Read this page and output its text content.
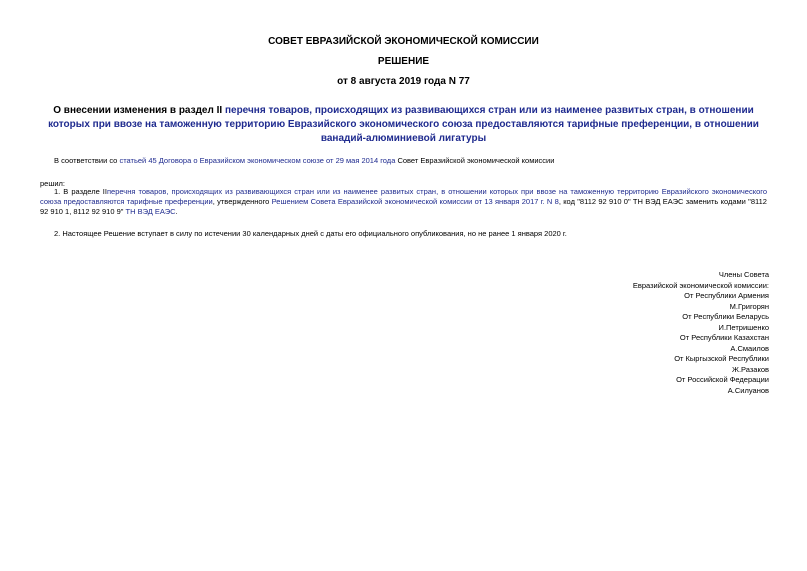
СОВЕТ ЕВРАЗИЙСКОЙ ЭКОНОМИЧЕСКОЙ КОМИССИИ
РЕШЕНИЕ
от 8 августа 2019 года N 77
О внесении изменения в раздел II перечня товаров, происходящих из развивающихся стран или из наименее развитых стран, в отношении которых при ввозе на таможенную территорию Евразийского экономического союза предоставляются тарифные преференции, в отношении ванадий-алюминиевой лигатуры
В соответствии со статьей 45 Договора о Евразийском экономическом союзе от 29 мая 2014 года Совет Евразийской экономической комиссии
решил:
1. В разделе IIперечня товаров, происходящих из развивающихся стран или из наименее развитых стран, в отношении которых при ввозе на таможенную территорию Евразийского экономического союза предоставляются тарифные преференции, утвержденного Решением Совета Евразийской экономической комиссии от 13 января 2017 г. N 8, код "8112 92 910 0" ТН ВЭД ЕАЭС заменить кодами "8112 92 910 1, 8112 92 910 9" ТН ВЭД ЕАЭС.
2. Настоящее Решение вступает в силу по истечении 30 календарных дней с даты его официального опубликования, но не ранее 1 января 2020 г.
Члены Совета
Евразийской экономической комиссии:
От Республики Армения
М.Григорян
От Республики Беларусь
И.Петришенко
От Республики Казахстан
А.Смаилов
От Кыргызской Республики
Ж.Разаков
От Российской Федерации
А.Силуанов
